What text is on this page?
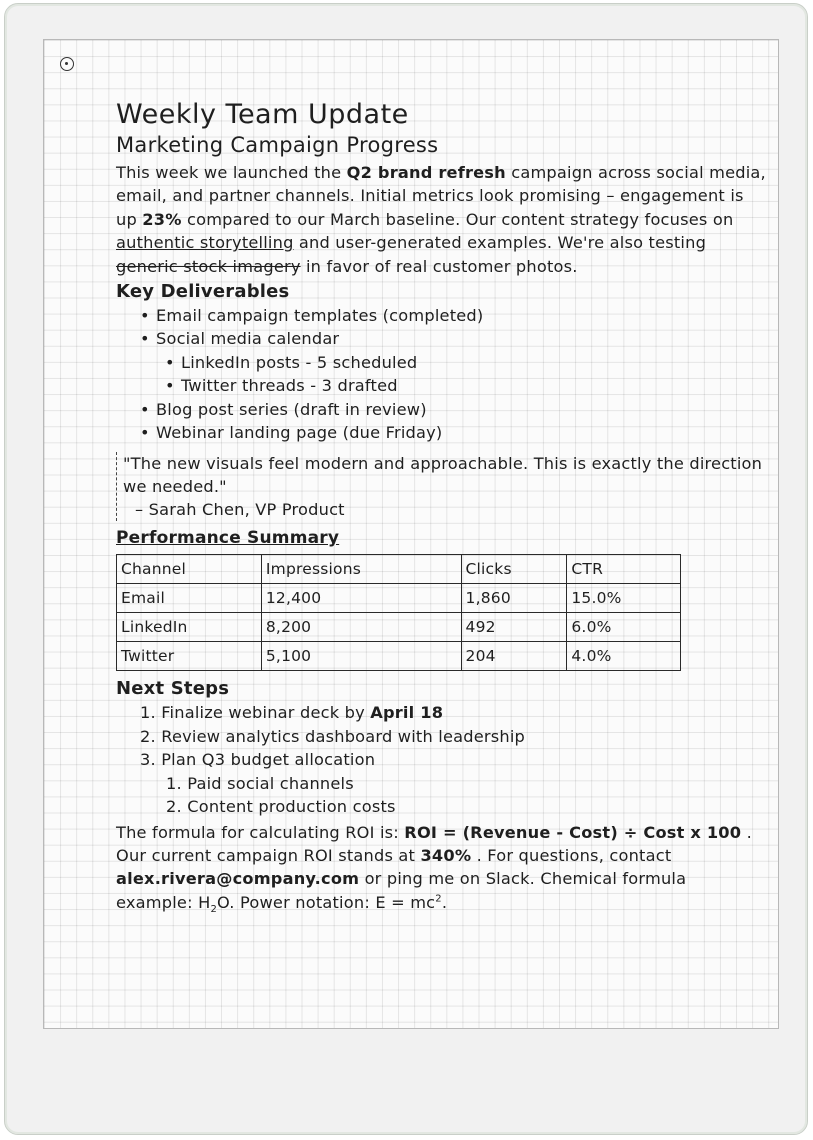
Weekly Team Update

Marketing Campaign Progress

This week we launched the Q2 brand refresh campaign across social media, email, and partner channels. Initial metrics look promising – engagement is up 23% compared to our March baseline. Our content strategy focuses on authentic storytelling and user-generated examples. We're also testing generic stock imagery in favor of real customer photos.

Key Deliverables

• Email campaign templates (completed)
• Social media calendar
• LinkedIn posts - 5 scheduled
• Twitter threads - 3 drafted
• Blog post series (draft in review)
• Webinar landing page (due Friday)

"The new visuals feel modern and approachable. This is exactly the direction we needed."

– Sarah Chen, VP Product

Performance Summary

Channel	Impressions	Clicks	CTR
Email	12,400	1,860	15.0%
LinkedIn	8,200	492	6.0%
Twitter	5,100	204	4.0%

Next Steps

1. Finalize webinar deck by April 18
2. Review analytics dashboard with leadership
3. Plan Q3 budget allocation
1. Paid social channels
2. Content production costs

The formula for calculating ROI is: ROI = (Revenue - Cost) ÷ Cost x 100 . Our current campaign ROI stands at 340% . For questions, contact alex.rivera@company.com or ping me on Slack. Chemical formula example: $H_2O$. Power notation: $E = mc^2$.
